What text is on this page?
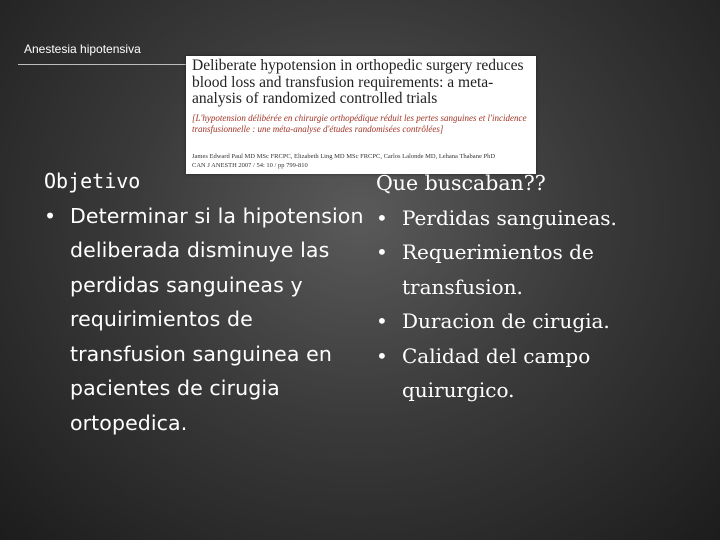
Anestesia hipotensiva
Deliberate hypotension in orthopedic surgery reduces blood loss and transfusion requirements: a meta-analysis of randomized controlled trials
[L'hypotension délibérée en chirurgie orthopédique réduit les pertes sanguines et l'incidence transfusionnelle : une méta-analyse d'études randomisées contrôlées]
James Edward Paul MD MSc FRCPC, Elizabeth Ling MD MSc FRCPC, Carlos Lalonde MD, Lehana Thabane PhD
CAN J ANESTH 2007 / 54: 10 / pp 799-810
Objetivo
• Determinar si la hipotension deliberada disminuye las perdidas sanguineas y requirimientos de transfusion sanguinea en pacientes de cirugia ortopedica.
Que buscaban??
• Perdidas sanguineas.
• Requerimientos de transfusion.
• Duracion de cirugia.
• Calidad del campo quirurgico.
